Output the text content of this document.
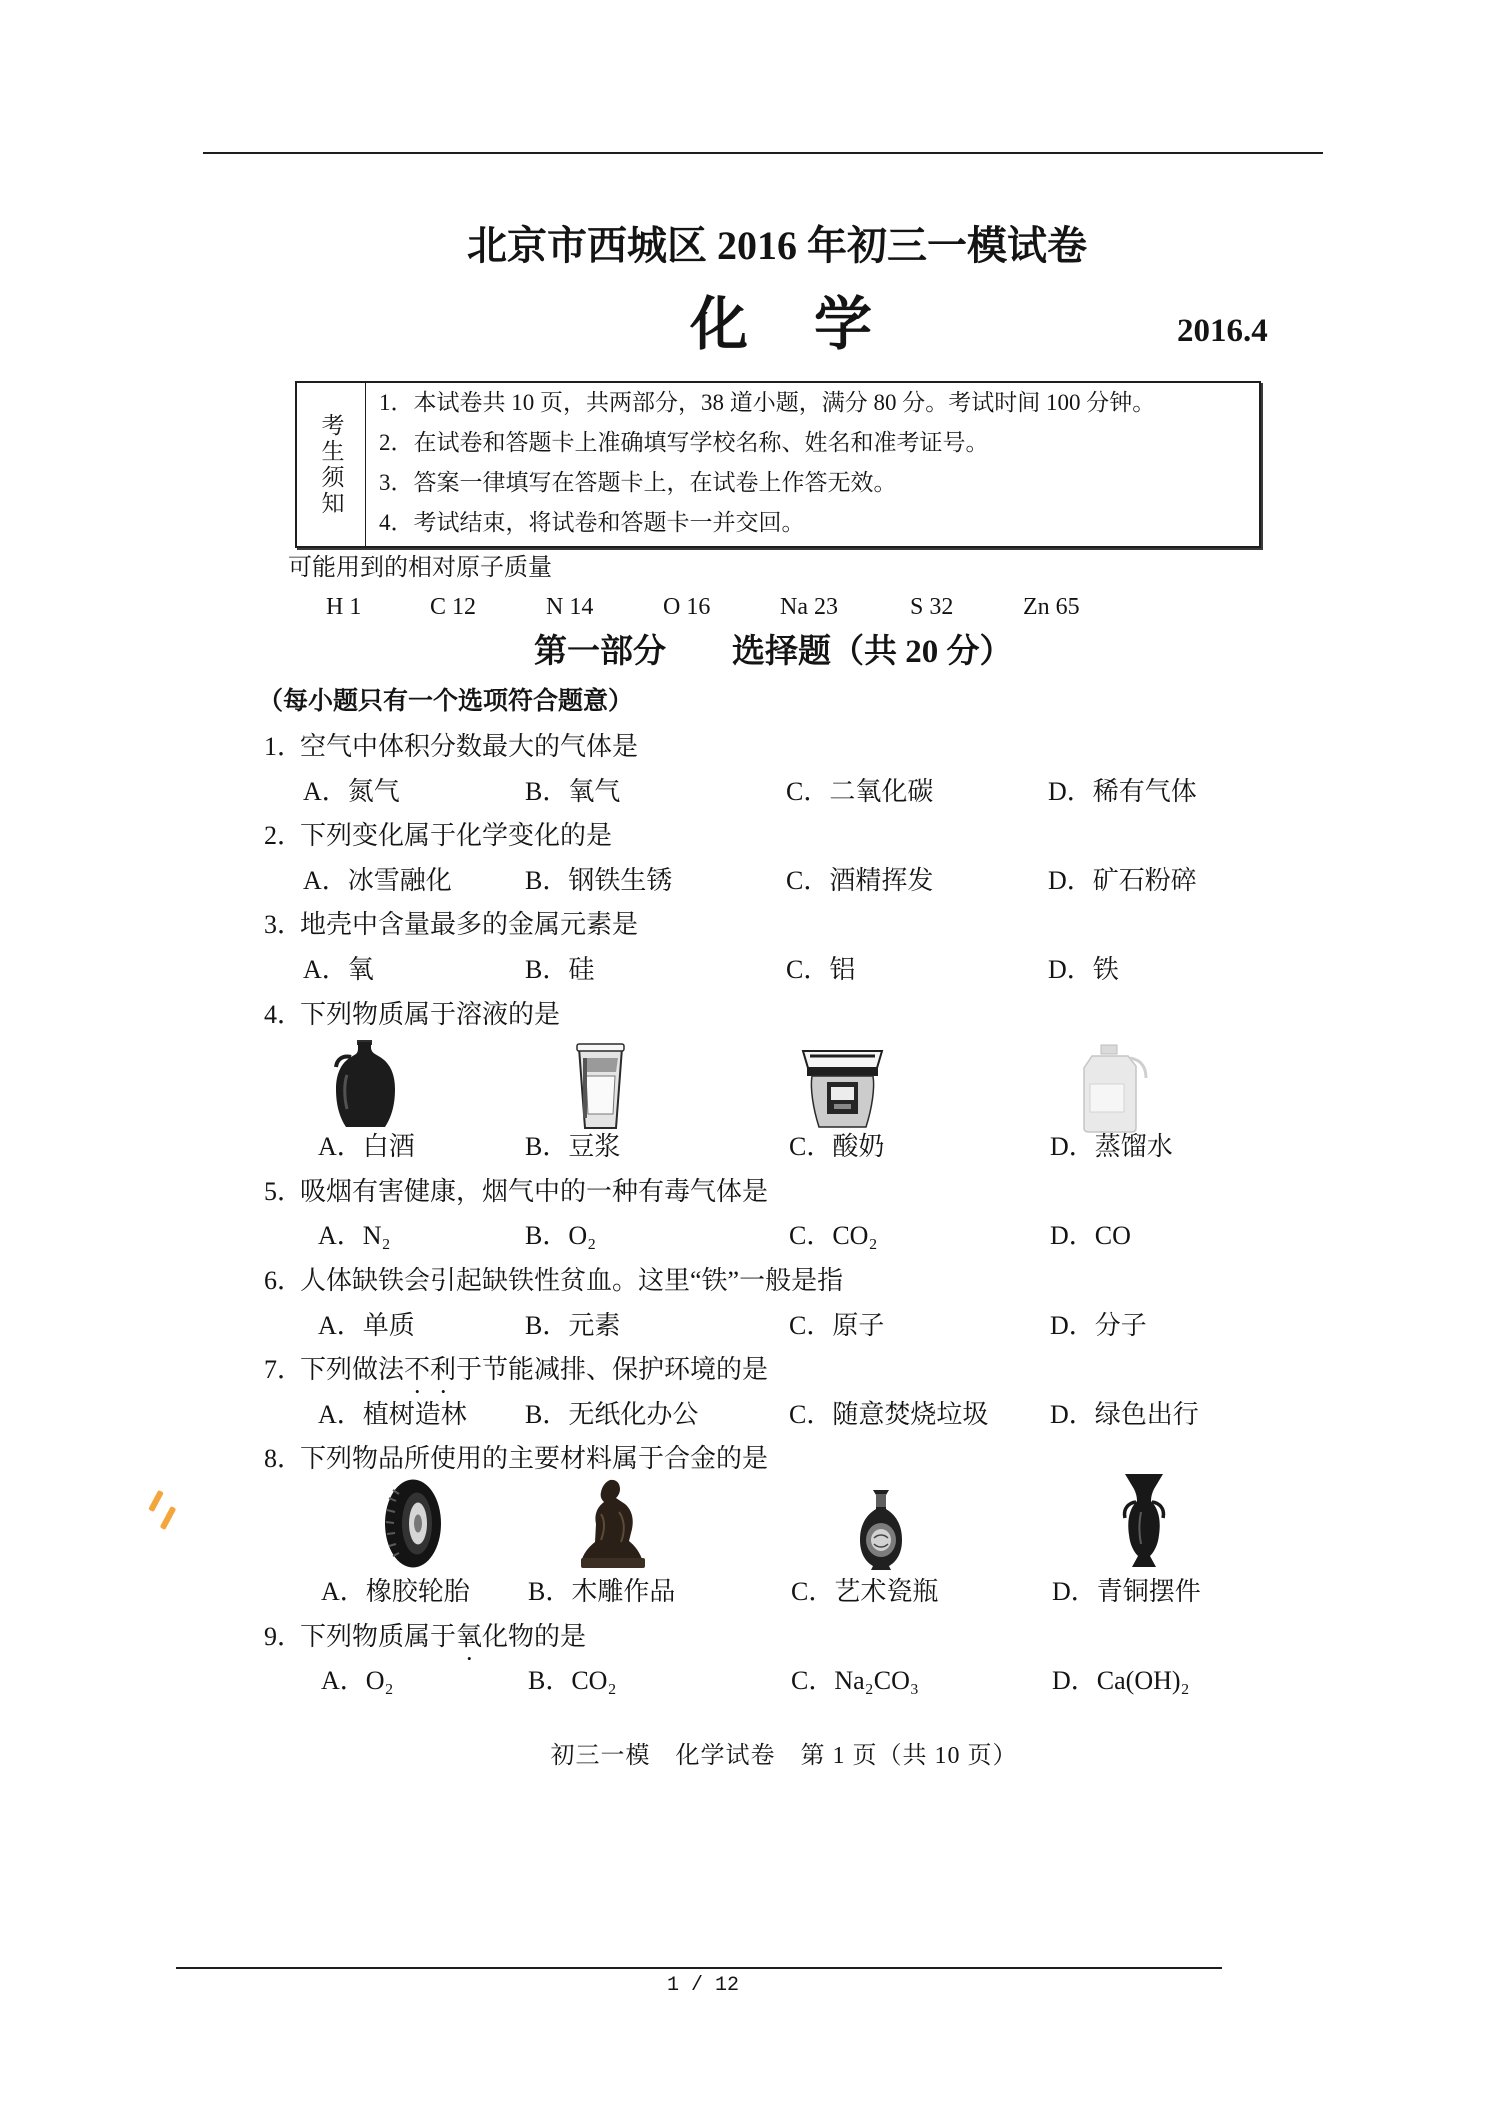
北京市西城区 2016 年初三一模试卷
化　学	2016.4
考生须知
1．本试卷共 10 页，共两部分，38 道小题，满分 80 分。考试时间 100 分钟。
2．在试卷和答题卡上准确填写学校名称、姓名和准考证号。
3．答案一律填写在答题卡上，在试卷上作答无效。
4．考试结束，将试卷和答题卡一并交回。
可能用到的相对原子质量
H 1	C 12	N 14	O 16	Na 23	S 32	Zn 65
第一部分　　选择题（共 20 分）
（每小题只有一个选项符合题意）
1．
空气中体积分数最大的气体是
A．氮气	B．氧气	C．二氧化碳	D．稀有气体
2．
下列变化属于化学变化的是
A．冰雪融化	B．钢铁生锈	C．酒精挥发	D．矿石粉碎
3．
地壳中含量最多的金属元素是
A．氧	B．硅	C．铝	D．铁
4．
下列物质属于溶液的是
A．白酒	B．豆浆	C．酸奶	D．蒸馏水
5．
吸烟有害健康，烟气中的一种有毒气体是
A．N₂	B．O₂	C．CO₂	D．CO
6．
人体缺铁会引起缺铁性贫血。这里“铁”一般是指
A．单质	B．元素	C．原子	D．分子
7．
下列做法不利于节能减排、保护环境的是
A．植树造林 B．无纸化办公	C．随意焚烧垃圾 D．绿色出行
8．
下列物品所使用的主要材料属于合金的是
A．橡胶轮胎 B．木雕作品	C．艺术瓷瓶	D．青铜摆件
9．
下列物质属于氧化物的是
A．O₂	B．CO₂	C．Na₂CO₃	D．Ca(OH)₂
初三一模　化学试卷　第 1 页（共 10 页）
1 / 12
